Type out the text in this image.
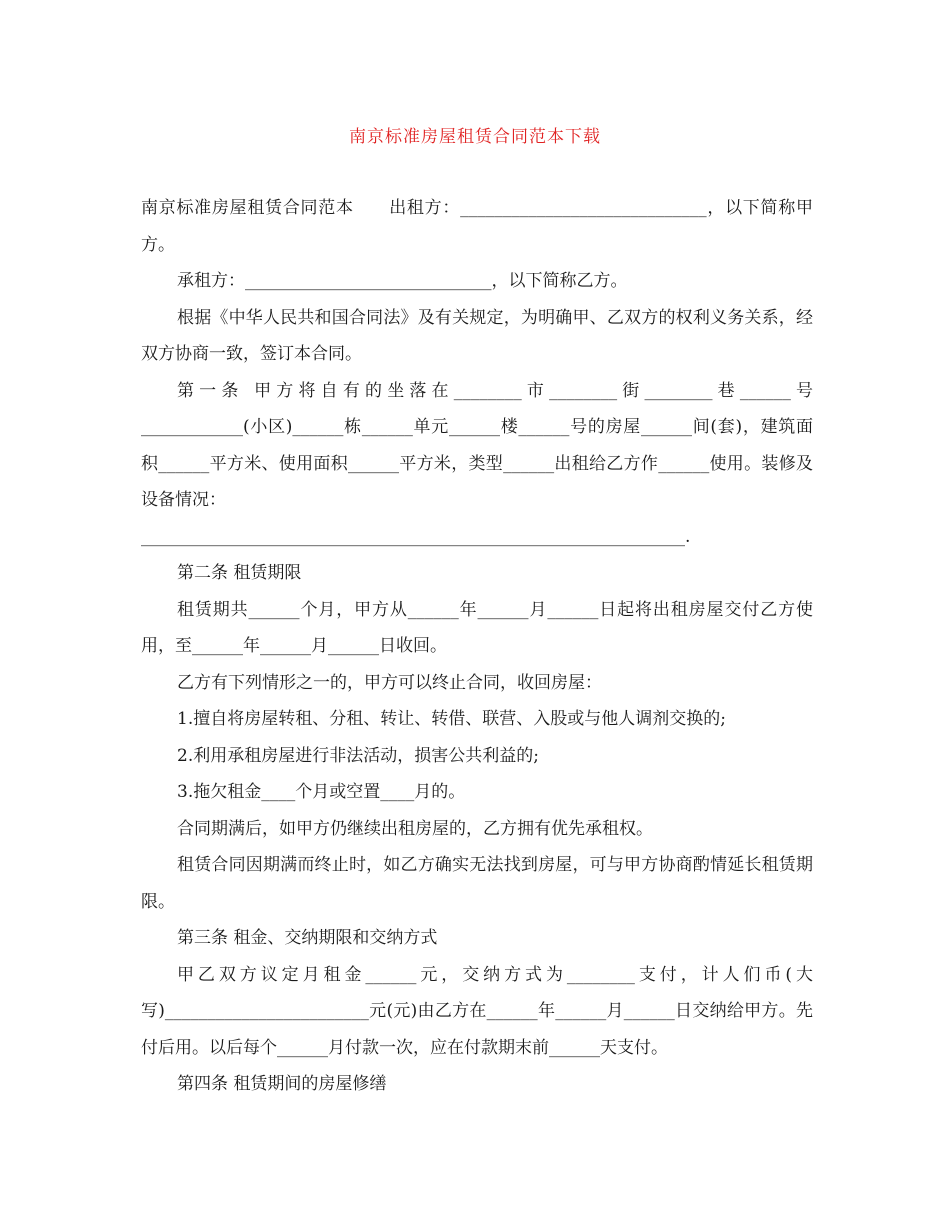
南京标准房屋租赁合同范本下载

南京标准房屋租赁合同范本　　出租方：_____________________________，以下简称甲方。

承租方：_____________________________，以下简称乙方。

根据《中华人民共和国合同法》及有关规定，为明确甲、乙双方的权利义务关系，经双方协商一致，签订本合同。

第一条 甲方将自有的坐落在________市________街________巷______号____________(小区)______栋______单元______楼______号的房屋______间(套)，建筑面积______平方米、使用面积______平方米，类型______出租给乙方作______使用。装修及设备情况：

________________________________________________________________.

第二条 租赁期限

租赁期共______个月，甲方从______年______月______日起将出租房屋交付乙方使用，至______年______月______日收回。

乙方有下列情形之一的，甲方可以终止合同，收回房屋：

1.擅自将房屋转租、分租、转让、转借、联营、入股或与他人调剂交换的;

2.利用承租房屋进行非法活动，损害公共利益的;

3.拖欠租金____个月或空置____月的。

合同期满后，如甲方仍继续出租房屋的，乙方拥有优先承租权。

租赁合同因期满而终止时，如乙方确实无法找到房屋，可与甲方协商酌情延长租赁期限。

第三条 租金、交纳期限和交纳方式

甲乙双方议定月租金______元，交纳方式为________支付，计人们币(大写)________________________元(元)由乙方在______年______月______日交纳给甲方。先付后用。以后每个______月付款一次，应在付款期末前______天支付。

第四条 租赁期间的房屋修缮
